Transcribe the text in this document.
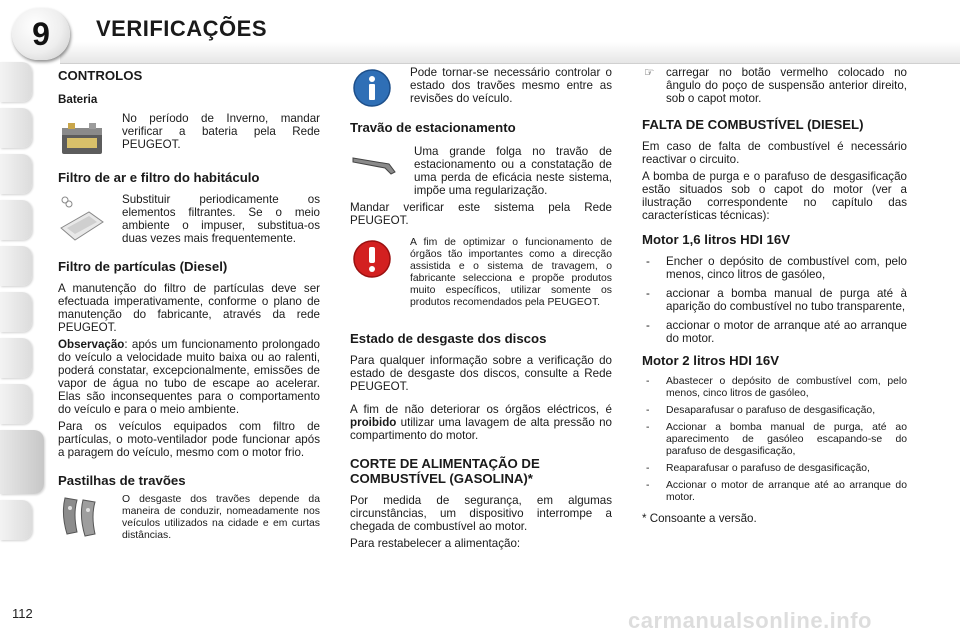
9 VERIFICAÇÕES
CONTROLOS
Bateria

No período de Inverno, mandar verificar a bateria pela Rede PEUGEOT.

Filtro de ar e filtro do habitáculo

Substituir periodicamente os elementos filtrantes. Se o meio ambiente o impuser, substitua-os duas vezes mais frequentemente.

Filtro de partículas (Diesel)

A manutenção do filtro de partículas deve ser efectuada imperativamente, conforme o plano de manutenção do fabricante, através da rede PEUGEOT.

Observação: após um funcionamento prolongado do veículo a velocidade muito baixa ou ao ralenti, poderá constatar, excepcionalmente, emissões de vapor de água no tubo de escape ao acelerar. Elas são inconsequentes para o comportamento do veículo e para o meio ambiente.

Para os veículos equipados com filtro de partículas, o moto-ventilador pode funcionar após a paragem do veículo, mesmo com o motor frio.

Pastilhas de travões

O desgaste dos travões depende da maneira de conduzir, nomeadamente nos veículos utilizados na cidade e em curtas distâncias.

Pode tornar-se necessário controlar o estado dos travões mesmo entre as revisões do veículo.

Travão de estacionamento

Uma grande folga no travão de estacionamento ou a constatação de uma perda de eficácia neste sistema, impõe uma regularização.

Mandar verificar este sistema pela Rede PEUGEOT.

A fim de optimizar o funcionamento de órgãos tão importantes como a direcção assistida e o sistema de travagem, o fabricante selecciona e propõe produtos muito específicos, utilizar somente os produtos recomendados pela PEUGEOT.

Estado de desgaste dos discos

Para qualquer informação sobre a verificação do estado de desgaste dos discos, consulte a Rede PEUGEOT.

A fim de não deteriorar os órgãos eléctricos, é proibido utilizar uma lavagem de alta pressão no compartimento do motor.

CORTE DE ALIMENTAÇÃO DE COMBUSTÍVEL (GASOLINA)*

Por medida de segurança, em algumas circunstâncias, um dispositivo interrompe a chegada de combustível ao motor.

Para restabelecer a alimentação:

☞ carregar no botão vermelho colocado no ângulo do poço de suspensão anterior direito, sob o capot motor.

FALTA DE COMBUSTÍVEL (DIESEL)

Em caso de falta de combustível é necessário reactivar o circuito.

A bomba de purga e o parafuso de desgasificação estão situados sob o capot do motor (ver a ilustração correspondente no capítulo das características técnicas):

Motor 1,6 litros HDI 16V
- Encher o depósito de combustível com, pelo menos, cinco litros de gasóleo,
- accionar a bomba manual de purga até à aparição do combustível no tubo transparente,
- accionar o motor de arranque até ao arranque do motor.
Motor 2 litros HDI 16V
- Abastecer o depósito de combustível com, pelo menos, cinco litros de gasóleo,
- Desaparafusar o parafuso de desgasificação,
- Accionar a bomba manual de purga, até ao aparecimento de gasóleo escapando-se do parafuso de desgasificação,
- Reaparafusar o parafuso de desgasificação,
- Accionar o motor de arranque até ao arranque do motor.

* Consoante a versão.

112	carmanualsonline.info
